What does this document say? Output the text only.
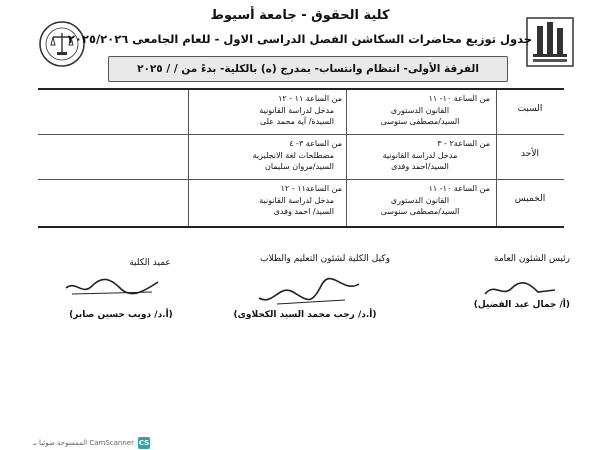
كلية الحقوق - جامعة أسيوط
جدول توزيع محاضرات السكاشن الفصل الدراسى الاول - للعام الجامعى ٢٠٢٥/٢٠٢٦
الفرقة الأولى- انتظام وانتساب- بمدرج (ه) بالكلية- بدءً من / / ٢٠٢٥
السبت
من الساعة ١٠- ١١
القانون الدستورى
السيد/مصطفى سنوسى
من الساعة ١١ - ١٢
مدخل لدراسة القانونية
السيدة/ آية محمد على
الأحد
من الساعة٢ - ٣
مدخل لدراسة القانونية
السيد/احمد وفدى
من الساعة ٣- ٤
مصطلحات لغة الانجليزية
السيد/مروان سليمان
الخميس
من الساعة ١٠- ١١
القانون الدستورى
السيد/مصطفى سنوسى
من الساعة١١ - ١٢
مدخل لدراسة القانونية
السيد/ احمد وفدى
رئيس الشئون العامة
وكيل الكلية لشئون التعليم والطلاب
عميد الكلية
(أ/ جمال عبد الفضيل)
(أ.د/ رجب محمد السيد الكحلاوى)
(أ.د/ دويب حسين صابر)
CS
CamScanner الممسوحة ضوئيا بـ
